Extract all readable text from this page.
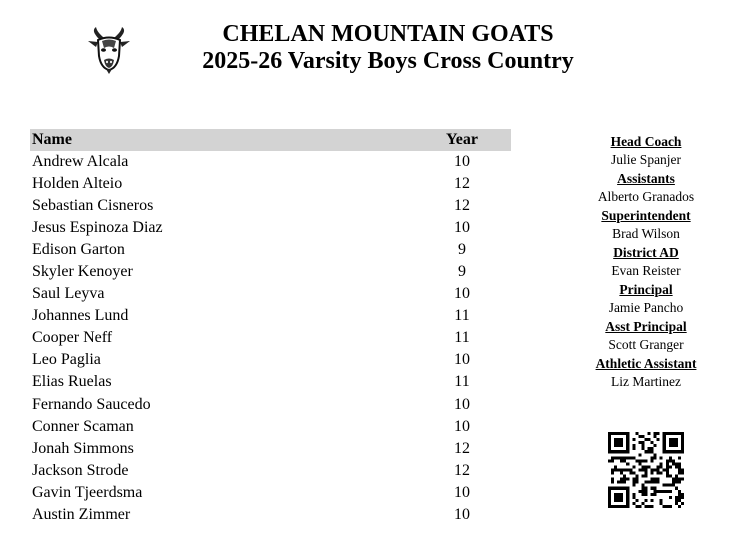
CHELAN MOUNTAIN GOATS
2025-26 Varsity Boys Cross Country
Name	Year
Andrew Alcala	10
Holden Alteio	12
Sebastian Cisneros	12
Jesus Espinoza Diaz	10
Edison Garton	9
Skyler Kenoyer	9
Saul Leyva	10
Johannes Lund	11
Cooper Neff	11
Leo Paglia	10
Elias Ruelas	11
Fernando Saucedo	10
Conner Scaman	10
Jonah Simmons	12
Jackson Strode	12
Gavin Tjeerdsma	10
Austin Zimmer	10
Head Coach
Julie Spanjer
Assistants
Alberto Granados
Superintendent
Brad Wilson
District AD
Evan Reister
Principal
Jamie Pancho
Asst Principal
Scott Granger
Athletic Assistant
Liz Martinez
